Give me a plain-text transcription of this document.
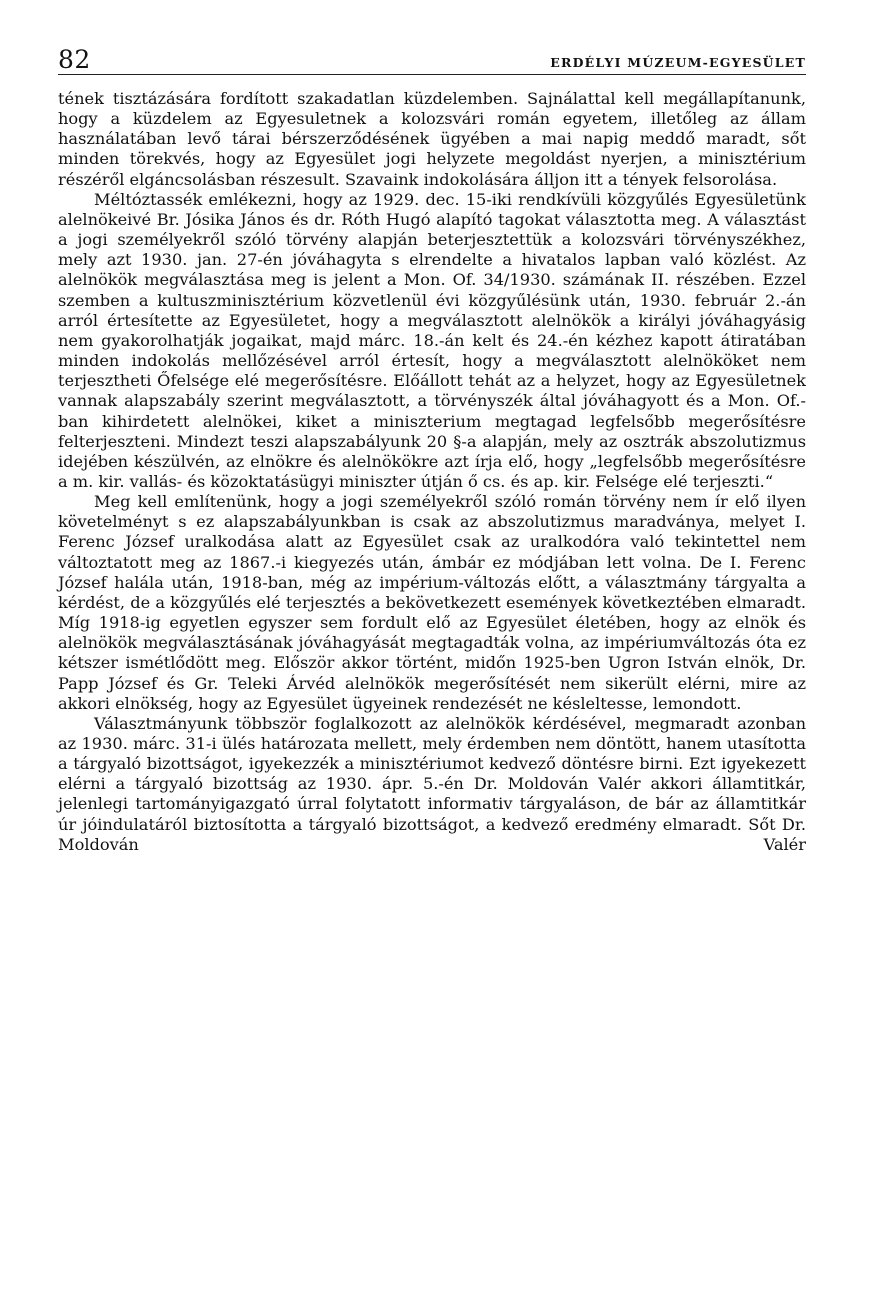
82	ERDÉLYI MÚZEUM-EGYESÜLET

tének tisztázására fordított szakadatlan küzdelemben. Sajnálattal kell megállapítanunk, hogy a küzdelem az Egyesuletnek a kolozsvári román egyetem, illetőleg az állam használatában levő tárai bérszerződésének ügyében a mai napig meddő maradt, sőt minden törekvés, hogy az Egyesület jogi helyzete megoldást nyerjen, a minisztérium részéről elgáncsolásban részesult. Szavaink indokolására álljon itt a tények felsorolása.

Méltóztassék emlékezni, hogy az 1929. dec. 15-iki rendkívüli közgyűlés Egyesületünk alelnökeivé Br. Jósika János és dr. Róth Hugó alapító tagokat választotta meg. A választást a jogi személyekről szóló törvény alapján beterjesztettük a kolozsvári törvényszékhez, mely azt 1930. jan. 27-én jóváhagyta s elrendelte a hivatalos lapban való közlést. Az alelnökök megválasztása meg is jelent a Mon. Of. 34/1930. számának II. részében. Ezzel szemben a kultuszminisztérium közvetlenül évi közgyűlésünk után, 1930. február 2.-án arról értesítette az Egyesületet, hogy a megválasztott alelnökök a királyi jóváhagyásig nem gyakorolhatják jogaikat, majd márc. 18.-án kelt és 24.-én kézhez kapott átiratában minden indokolás mellőzésével arról értesít, hogy a megválasztott alelnököket nem terjesztheti Őfelsége elé megerősítésre. Előállott tehát az a helyzet, hogy az Egyesületnek vannak alapszabály szerint megválasztott, a törvényszék által jóváhagyott és a Mon. Of.-ban kihirdetett alelnökei, kiket a miniszterium megtagad legfelsőbb megerősítésre felterjeszteni. Mindezt teszi alapszabályunk 20 §-a alapján, mely az osztrák abszolutizmus idejében készülvén, az elnökre és alelnökökre azt írja elő, hogy „legfelsőbb megerősítésre a m. kir. vallás- és közoktatásügyi miniszter útján ő cs. és ap. kir. Felsége elé terjeszti.“

Meg kell említenünk, hogy a jogi személyekről szóló román törvény nem ír elő ilyen követelményt s ez alapszabályunkban is csak az abszolutizmus maradványa, melyet I. Ferenc József uralkodása alatt az Egyesület csak az uralkodóra való tekintettel nem változtatott meg az 1867.-i kiegyezés után, ámbár ez módjában lett volna. De I. Ferenc József halála után, 1918-ban, még az impérium-változás előtt, a választmány tárgyalta a kérdést, de a közgyűlés elé terjesztés a bekövetkezett események következtében elmaradt. Míg 1918-ig egyetlen egyszer sem fordult elő az Egyesület életében, hogy az elnök és alelnökök megválasztásának jóváhagyását megtagadták volna, az impériumváltozás óta ez kétszer ismétlődött meg. Először akkor történt, midőn 1925-ben Ugron István elnök, Dr. Papp József és Gr. Teleki Árvéd alelnökök megerősítését nem sikerült elérni, mire az akkori elnökség, hogy az Egyesület ügyeinek rendezését ne késleltesse, lemondott.

Választmányunk többször foglalkozott az alelnökök kérdésével, megmaradt azonban az 1930. márc. 31-i ülés határozata mellett, mely érdemben nem döntött, hanem utasította a tárgyaló bizottságot, igyekezzék a minisztériumot kedvező döntésre birni. Ezt igyekezett elérni a tárgyaló bizottság az 1930. ápr. 5.-én Dr. Moldován Valér akkori államtitkár, jelenlegi tartományigazgató úrral folytatott informativ tárgyaláson, de bár az államtitkár úr jóindulatáról biztosította a tárgyaló bizottságot, a kedvező eredmény elmaradt. Sőt Dr. Moldován Valér
